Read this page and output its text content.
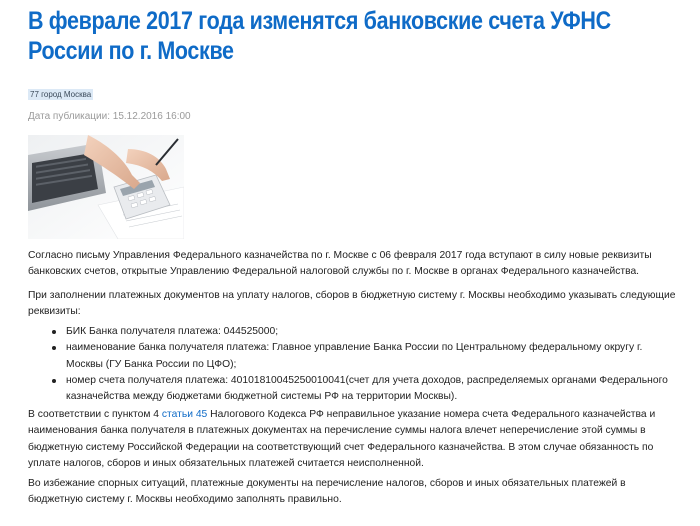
В феврале 2017 года изменятся банковские счета УФНС
России по г. Москве
77 город Москва
Дата публикации: 15.12.2016 16:00

Согласно письму Управления Федерального казначейства по г. Москве с 06 февраля 2017 года вступают в силу новые реквизиты банковских счетов, открытые Управлению Федеральной налоговой службы по г. Москве в органах Федерального казначейства.

При заполнении платежных документов на уплату налогов, сборов в бюджетную систему г. Москвы необходимо указывать следующие реквизиты:

БИК Банка получателя платежа: 044525000;
наименование банка получателя платежа: Главное управление Банка России по Центральному федеральному округу г. Москвы (ГУ Банка России по ЦФО);
номер счета получателя платежа: 40101810045250010041(счет для учета доходов, распределяемых органами Федерального казначейства между бюджетами бюджетной системы РФ на территории Москвы).

В соответствии с пунктом 4 статьи 45 Налогового Кодекса РФ неправильное указание номера счета Федерального казначейства и наименования банка получателя в платежных документах на перечисление суммы налога влечет неперечисление этой суммы в бюджетную систему Российской Федерации на соответствующий счет Федерального казначейства. В этом случае обязанность по уплате налогов, сборов и иных обязательных платежей считается неисполненной.

Во избежание спорных ситуаций, платежные документы на перечисление налогов, сборов и иных обязательных платежей в бюджетную систему г. Москвы необходимо заполнять правильно.
